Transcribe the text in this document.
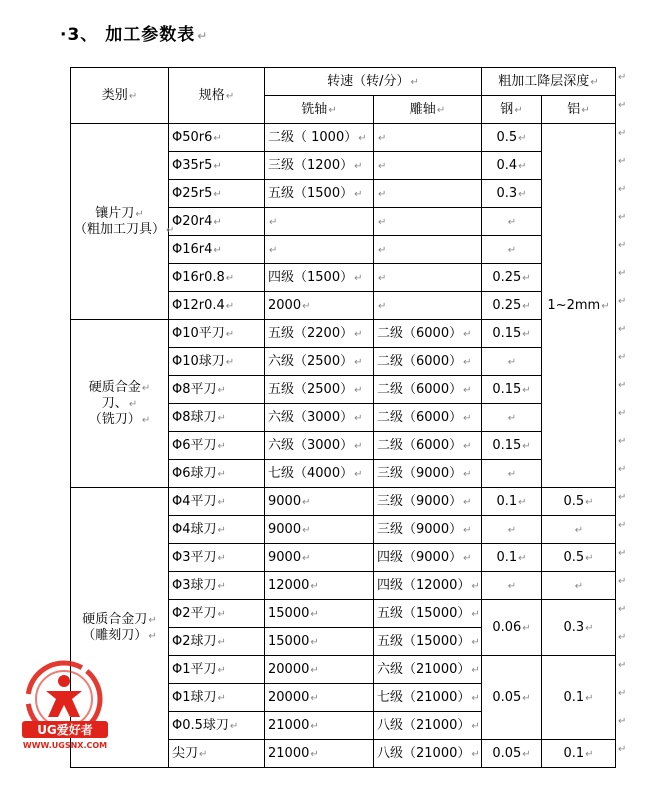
·3、 加工参数表 ↵
类别↵	规格↵	转速（转/分）↵		粗加工降层深度↵	
		铣轴↵	雕轴↵	钢↵	铝↵
镶片刀↵
（粗加工刀具）↵	Φ50r6↵	二级（ 1000）↵	↵	0.5↵	1~2mm↵
	Φ35r5↵	三级（1200）↵	↵	0.4↵	
	Φ25r5↵	五级（1500）↵	↵	0.3↵	
	Φ20r4↵	↵	↵	↵	
	Φ16r4↵	↵	↵	↵	
	Φ16r0.8↵	四级（1500）↵	↵	0.25↵	
	Φ12r0.4↵	2000↵	↵	0.25↵	
硬质合金↵
刀、↵
（铣刀）↵	Φ10平刀↵	五级（2200）↵	二级（6000）↵	0.15↵	
	Φ10球刀↵	六级（2500）↵	二级（6000）↵	↵	
	Φ8平刀↵	五级（2500）↵	二级（6000）↵	0.15↵	
	Φ8球刀↵	六级（3000）↵	二级（6000）↵	↵	
	Φ6平刀↵	六级（3000）↵	二级（6000）↵	0.15↵	
	Φ6球刀↵	七级（4000）↵	三级（9000）↵	↵	
硬质合金刀↵
（雕刻刀）↵	Φ4平刀↵	9000↵	三级（9000）↵	0.1↵	0.5↵
	Φ4球刀↵	9000↵	三级（9000）↵	↵	↵
	Φ3平刀↵	9000↵	四级（9000）↵	0.1↵	0.5↵
	Φ3球刀↵	12000↵	四级（12000）↵	↵	↵
	Φ2平刀↵	15000↵	五级（15000）↵	0.06↵	0.3↵
	Φ2球刀↵	15000↵	五级（15000）↵		
	Φ1平刀↵	20000↵	六级（21000）↵	0.05↵	0.1↵
	Φ1球刀↵	20000↵	七级（21000）↵		
	Φ0.5球刀↵	21000↵	八级（21000）↵		
	尖刀↵	21000↵	八级（21000）↵	0.05↵	0.1↵
↵
↵
↵
↵
↵
↵
↵
↵
↵
↵
↵
↵
↵
↵
↵
↵
↵
↵
↵
↵
↵
↵
↵
↵
↵
UG爱好者
WWW.UGSNX.COM
